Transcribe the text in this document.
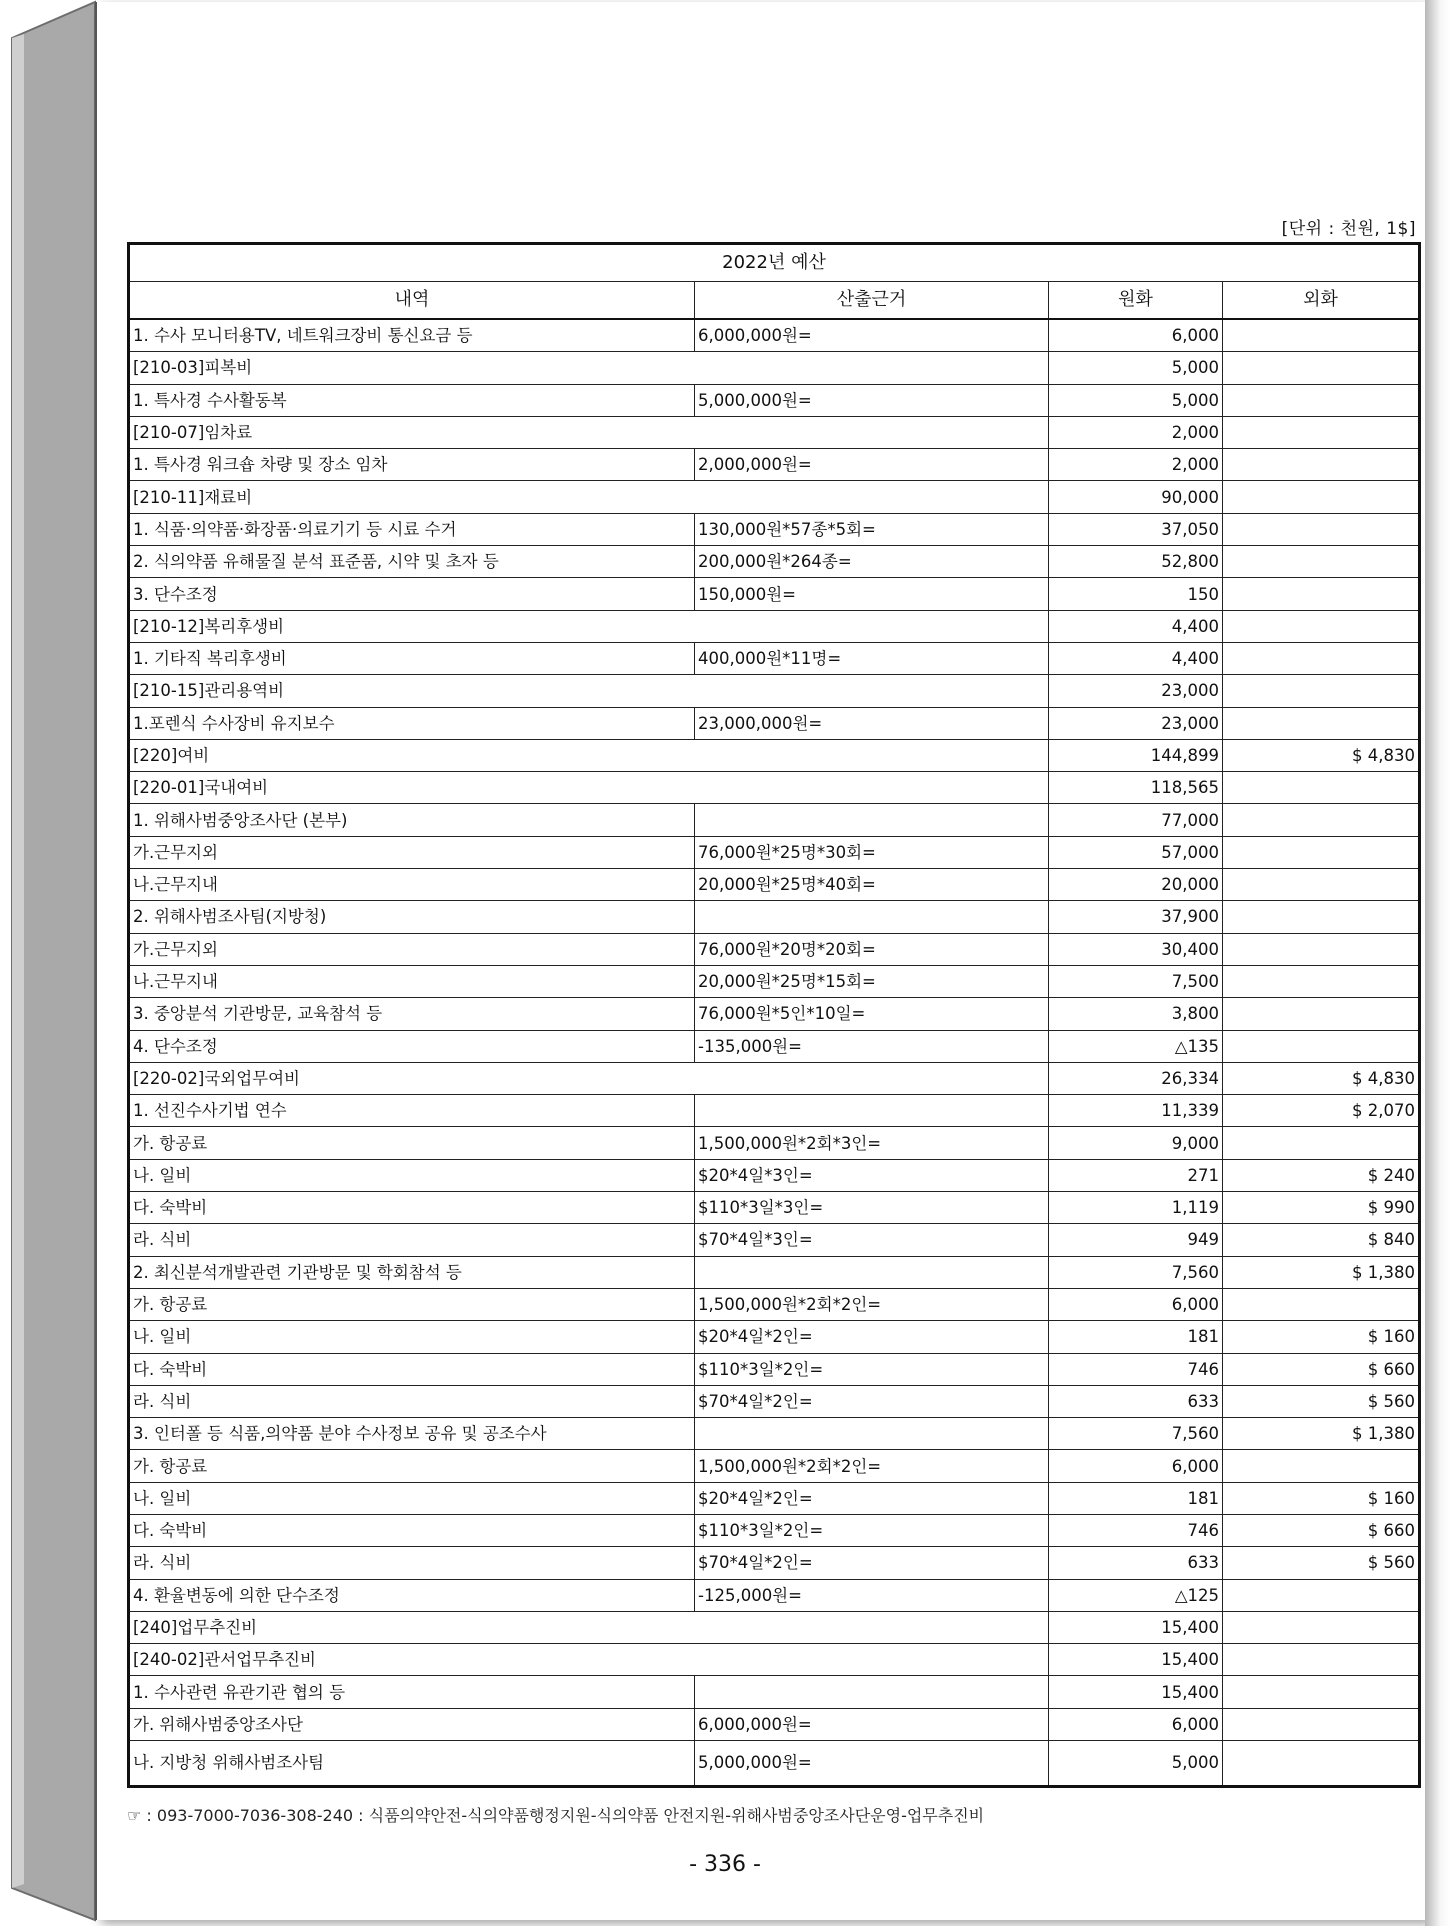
[단위 : 천원, 1$]
2022년 예산			
내역	산출근거	원화	외화
1. 수사 모니터용TV, 네트워크장비 통신요금 등	6,000,000원=	6,000	
[210-03]피복비		5,000	
1. 특사경 수사활동복	5,000,000원=	5,000	
[210-07]임차료		2,000	
1. 특사경 워크숍 차량 및 장소 임차	2,000,000원=	2,000	
[210-11]재료비		90,000	
1. 식품·의약품·화장품·의료기기 등 시료 수거	130,000원*57종*5회=	37,050	
2. 식의약품 유해물질 분석 표준품, 시약 및 초자 등	200,000원*264종=	52,800	
3. 단수조정	150,000원=	150	
[210-12]복리후생비		4,400	
1. 기타직 복리후생비	400,000원*11명=	4,400	
[210-15]관리용역비		23,000	
1.포렌식 수사장비 유지보수	23,000,000원=	23,000	
[220]여비		144,899	$ 4,830
[220-01]국내여비		118,565	
1. 위해사범중앙조사단 (본부)		77,000	
가.근무지외	76,000원*25명*30회=	57,000	
나.근무지내	20,000원*25명*40회=	20,000	
2. 위해사범조사팀(지방청)		37,900	
가.근무지외	76,000원*20명*20회=	30,400	
나.근무지내	20,000원*25명*15회=	7,500	
3. 중앙분석 기관방문, 교육참석 등	76,000원*5인*10일=	3,800	
4. 단수조정	-135,000원=	△135	
[220-02]국외업무여비		26,334	$ 4,830
1. 선진수사기법 연수		11,339	$ 2,070
가. 항공료	1,500,000원*2회*3인=	9,000	
나. 일비	$20*4일*3인=	271	$ 240
다. 숙박비	$110*3일*3인=	1,119	$ 990
라. 식비	$70*4일*3인=	949	$ 840
2. 최신분석개발관련 기관방문 및 학회참석 등		7,560	$ 1,380
가. 항공료	1,500,000원*2회*2인=	6,000	
나. 일비	$20*4일*2인=	181	$ 160
다. 숙박비	$110*3일*2인=	746	$ 660
라. 식비	$70*4일*2인=	633	$ 560
3. 인터폴 등 식품,의약품 분야 수사정보 공유 및 공조수사		7,560	$ 1,380
가. 항공료	1,500,000원*2회*2인=	6,000	
나. 일비	$20*4일*2인=	181	$ 160
다. 숙박비	$110*3일*2인=	746	$ 660
라. 식비	$70*4일*2인=	633	$ 560
4. 환율변동에 의한 단수조정	-125,000원=	△125	
[240]업무추진비		15,400	
[240-02]관서업무추진비		15,400	
1. 수사관련 유관기관 협의 등		15,400	
가. 위해사범중앙조사단	6,000,000원=	6,000	
나. 지방청 위해사범조사팀	5,000,000원=	5,000	
☞ : 093-7000-7036-308-240 : 식품의약안전-식의약품행정지원-식의약품 안전지원-위해사범중앙조사단운영-업무추진비
- 336 -
